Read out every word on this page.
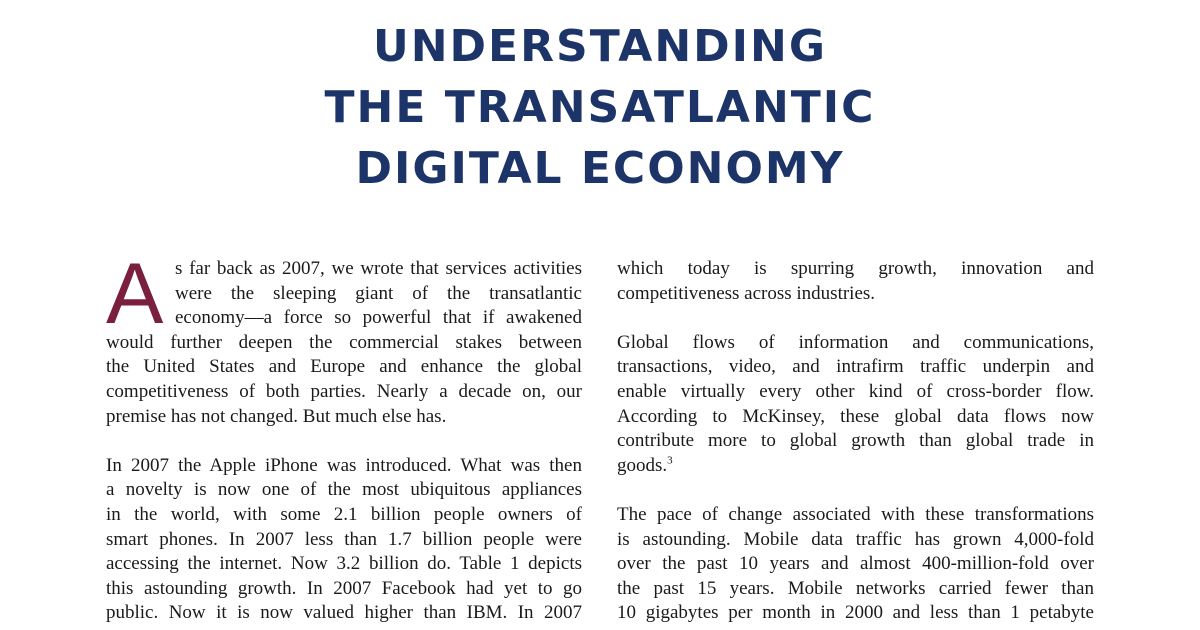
UNDERSTANDING
THE TRANSATLANTIC
DIGITAL ECONOMY
A s far back as 2007, we wrote that services activities
were the sleeping giant of the transatlantic
economy—a force so powerful that if awakened
would further deepen the commercial stakes between
the United States and Europe and enhance the global
competitiveness of both parties. Nearly a decade on, our
premise has not changed. But much else has.
In 2007 the Apple iPhone was introduced. What was then
a novelty is now one of the most ubiquitous appliances
in the world, with some 2.1 billion people owners of
smart phones. In 2007 less than 1.7 billion people were
accessing the internet. Now 3.2 billion do. Table 1 depicts
this astounding growth. In 2007 Facebook had yet to go
public. Now it is now valued higher than IBM. In 2007
which today is spurring growth, innovation and
competitiveness across industries.
Global flows of information and communications,
transactions, video, and intrafirm traffic underpin and
enable virtually every other kind of cross-border flow.
According to McKinsey, these global data flows now
contribute more to global growth than global trade in
goods.$^3$
The pace of change associated with these transformations
is astounding. Mobile data traffic has grown 4,000-fold
over the past 10 years and almost 400-million-fold over
the past 15 years. Mobile networks carried fewer than
10 gigabytes per month in 2000 and less than 1 petabyte
